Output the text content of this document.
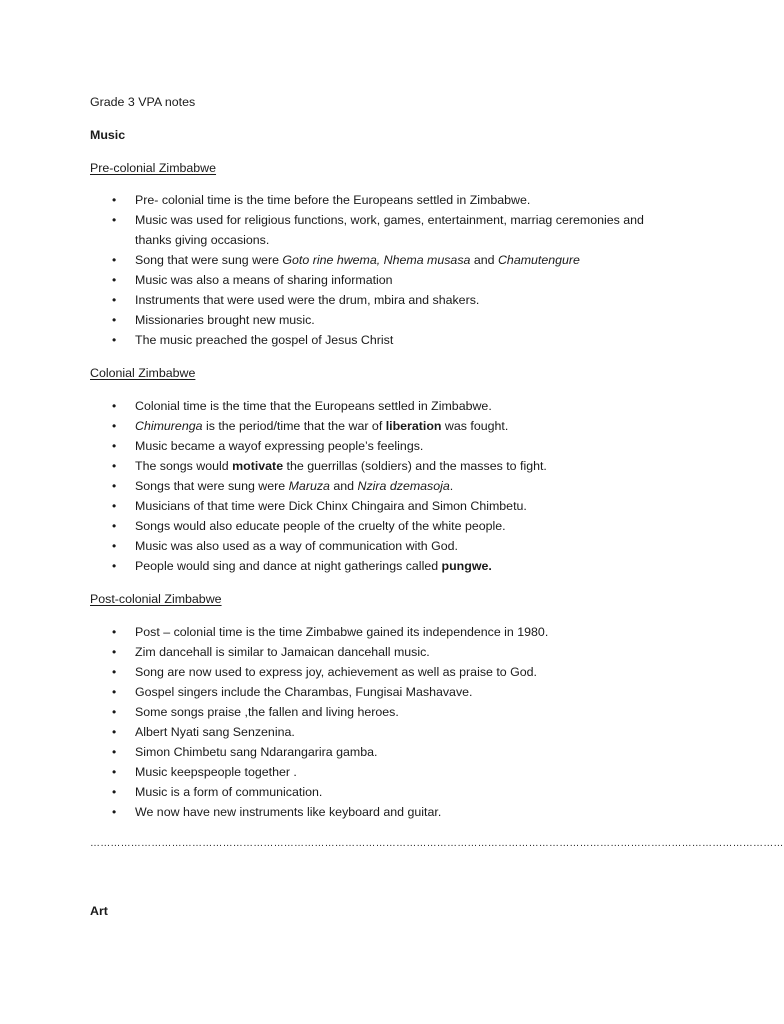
Grade 3 VPA notes
Music
Pre-colonial Zimbabwe
• Pre- colonial time is the time before the Europeans settled in Zimbabwe.
• Music was used for religious functions, work, games, entertainment, marriag ceremonies and thanks giving occasions.
• Song that were sung were Goto rine hwema, Nhema musasa and Chamutengure
• Music was also a means of sharing information
• Instruments that were used were the drum, mbira and shakers.
• Missionaries brought new music.
• The music preached the gospel of Jesus Christ
Colonial Zimbabwe
• Colonial time is the time that the Europeans settled in Zimbabwe.
• Chimurenga is the period/time that the war of liberation was fought.
• Music became a wayof expressing people’s feelings.
• The songs would motivate the guerrillas (soldiers) and the masses to fight.
• Songs that were sung were Maruza and Nzira dzemasoja.
• Musicians of that time were Dick Chinx Chingaira and Simon Chimbetu.
• Songs would also educate people of the cruelty of the white people.
• Music was also used as a way of communication with God.
• People would sing and dance at night gatherings called pungwe.
Post-colonial Zimbabwe
• Post – colonial time is the time Zimbabwe gained its independence in 1980.
• Zim dancehall is similar to Jamaican dancehall music.
• Song are now used to express joy, achievement as well as praise to God.
• Gospel singers include the Charambas, Fungisai Mashavave.
• Some songs praise ,the fallen and living heroes.
• Albert Nyati sang Senzenina.
• Simon Chimbetu sang Ndarangarira gamba.
• Music keepspeople together .
• Music is a form of communication.
• We now have new instruments like keyboard and guitar.
……………………………………………………………………………………………………………………………………………………………………………………
Art
